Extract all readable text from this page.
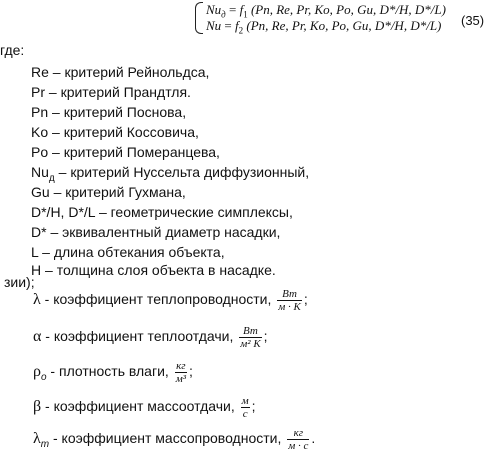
$Nu_д = f_1$ (Pn, Re, Pr, Ko, Po, Gu, D*/H, D*/L)
$Nu = f_2$ (Pn, Re, Pr, Ko, Po, Gu, D*/H, D*/L) (35)
где:
Re – критерий Рейнольдса,
Pr – критерий Прандтля.
Pn – критерий Поснова,
Ko – критерий Коссовича,
Po – критерий Померанцева,
$Nu_д$ – критерий Нуссельта диффузионный,
Gu – критерий Гухмана,
D*/H, D*/L – геометрические симплексы,
D* – эквивалентный диаметр насадки,
L – длина обтекания объекта,
H – толщина слоя объекта в насадке.
зии);
λ - коэффициент теплопроводности, $\frac{Вт}{м \cdot К}$ ;
α - коэффициент теплоотдачи, $\frac{Вт}{\text{м² К}}$ ;
$\rho_o$ - плотность влаги, $\frac{кг}{\text{м³}}$ ;
β - коэффициент массоотдачи, $\frac{м}{с}$ ;
$\lambda_m$ - коэффициент массопроводности, $\frac{кг}{м \cdot с}$ .
